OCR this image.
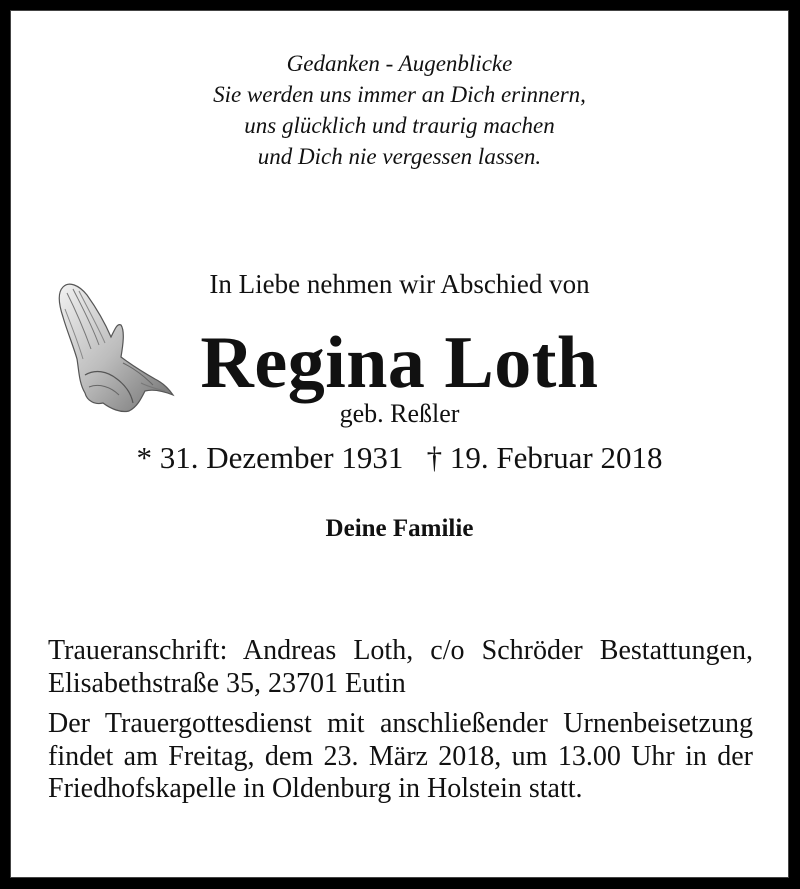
Gedanken - Augenblicke
Sie werden uns immer an Dich erinnern,
uns glücklich und traurig machen
und Dich nie vergessen lassen.
In Liebe nehmen wir Abschied von
Regina Loth
geb. Reßler
* 31. Dezember 1931   † 19. Februar 2018
Deine Familie
Traueranschrift: Andreas Loth, c/o Schröder Bestattungen, Elisabethstraße 35, 23701 Eutin
Der Trauergottesdienst mit anschließender Urnenbeisetzung findet am Freitag, dem 23. März 2018, um 13.00 Uhr in der Friedhofskapelle in Oldenburg in Holstein statt.
